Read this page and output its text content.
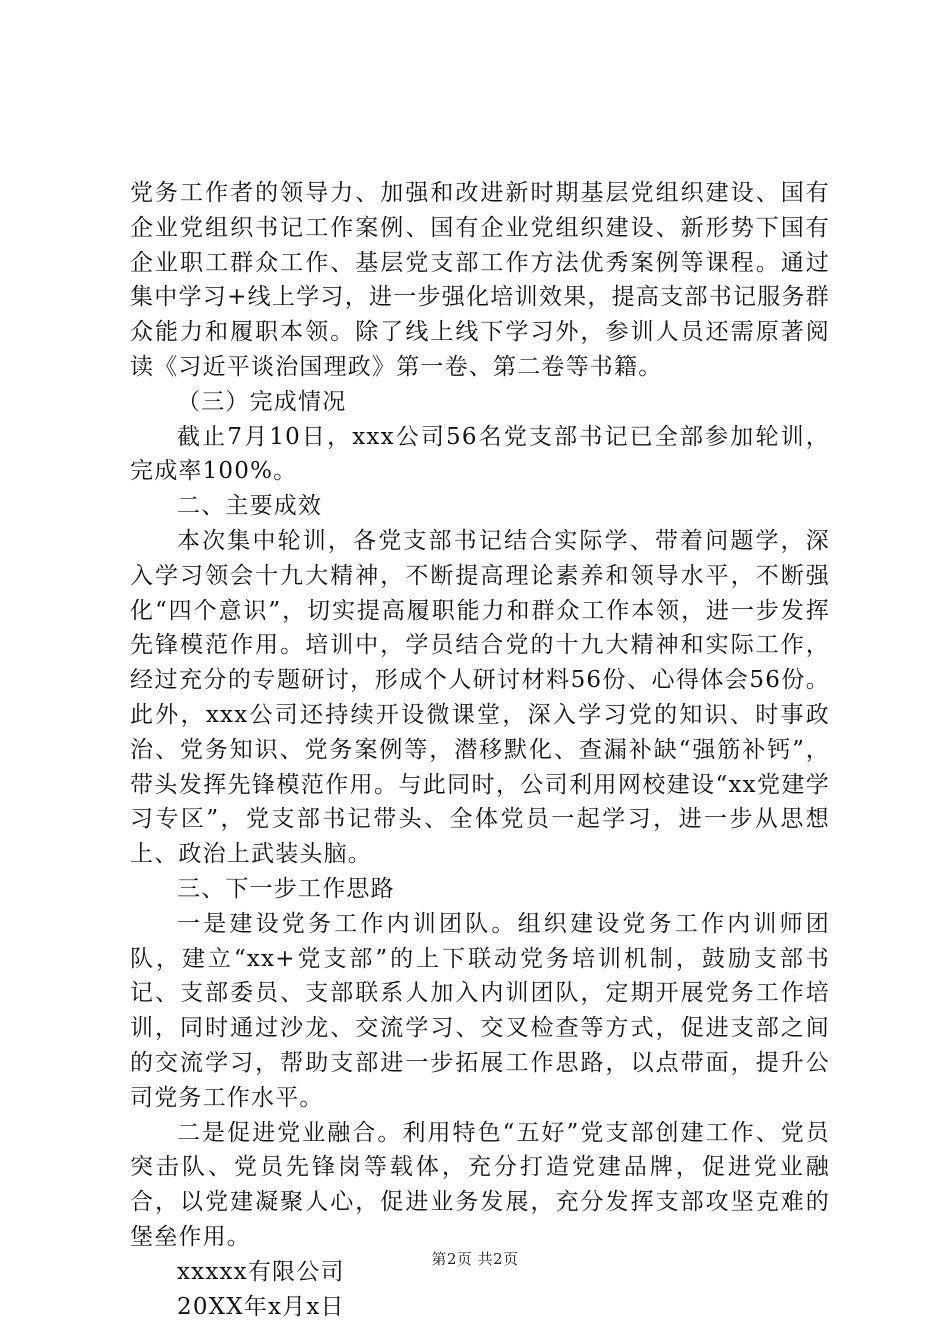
党务工作者的领导力、加强和改进新时期基层党组织建设、国有企业党组织书记工作案例、国有企业党组织建设、新形势下国有企业职工群众工作、基层党支部工作方法优秀案例等课程。通过集中学习+线上学习，进一步强化培训效果，提高支部书记服务群众能力和履职本领。除了线上线下学习外，参训人员还需原著阅读《习近平谈治国理政》第一卷、第二卷等书籍。

（三）完成情况

截止7月10日，xxx公司56名党支部书记已全部参加轮训，完成率100%。

二、主要成效

本次集中轮训，各党支部书记结合实际学、带着问题学，深入学习领会十九大精神，不断提高理论素养和领导水平，不断强化“四个意识”，切实提高履职能力和群众工作本领，进一步发挥先锋模范作用。培训中，学员结合党的十九大精神和实际工作，经过充分的专题研讨，形成个人研讨材料56份、心得体会56份。此外，xxx公司还持续开设微课堂，深入学习党的知识、时事政治、党务知识、党务案例等，潜移默化、查漏补缺“强筋补钙”，带头发挥先锋模范作用。与此同时，公司利用网校建设“xx党建学习专区”，党支部书记带头、全体党员一起学习，进一步从思想上、政治上武装头脑。

三、下一步工作思路

一是建设党务工作内训团队。组织建设党务工作内训师团队，建立“xx+党支部”的上下联动党务培训机制，鼓励支部书记、支部委员、支部联系人加入内训团队，定期开展党务工作培训，同时通过沙龙、交流学习、交叉检查等方式，促进支部之间的交流学习，帮助支部进一步拓展工作思路，以点带面，提升公司党务工作水平。

二是促进党业融合。利用特色“五好”党支部创建工作、党员突击队、党员先锋岗等载体，充分打造党建品牌，促进党业融合，以党建凝聚人心，促进业务发展，充分发挥支部攻坚克难的堡垒作用。

xxxxx有限公司

20XX年x月x日

第2页 共2页
